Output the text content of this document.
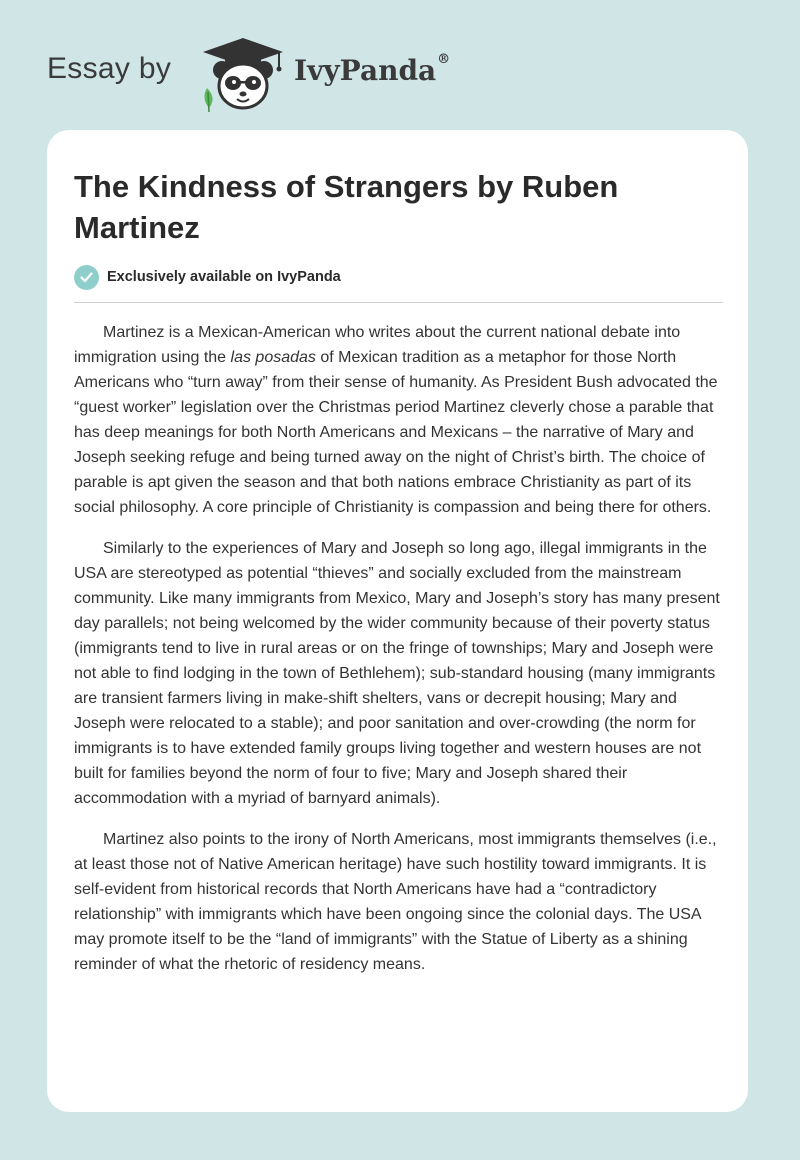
Essay by	IvyPanda®
The Kindness of Strangers by Ruben Martinez
Exclusively available on IvyPanda

Martinez is a Mexican-American who writes about the current national debate into immigration using the las posadas of Mexican tradition as a metaphor for those North Americans who “turn away” from their sense of humanity. As President Bush advocated the “guest worker” legislation over the Christmas period Martinez cleverly chose a parable that has deep meanings for both North Americans and Mexicans – the narrative of Mary and Joseph seeking refuge and being turned away on the night of Christ’s birth. The choice of parable is apt given the season and that both nations embrace Christianity as part of its social philosophy. A core principle of Christianity is compassion and being there for others.

Similarly to the experiences of Mary and Joseph so long ago, illegal immigrants in the USA are stereotyped as potential “thieves” and socially excluded from the mainstream community. Like many immigrants from Mexico, Mary and Joseph’s story has many present day parallels; not being welcomed by the wider community because of their poverty status (immigrants tend to live in rural areas or on the fringe of townships; Mary and Joseph were not able to find lodging in the town of Bethlehem); sub-standard housing (many immigrants are transient farmers living in make-shift shelters, vans or decrepit housing; Mary and Joseph were relocated to a stable); and poor sanitation and over-crowding (the norm for immigrants is to have extended family groups living together and western houses are not built for families beyond the norm of four to five; Mary and Joseph shared their accommodation with a myriad of barnyard animals).

Martinez also points to the irony of North Americans, most immigrants themselves (i.e., at least those not of Native American heritage) have such hostility toward immigrants. It is self-evident from historical records that North Americans have had a “contradictory relationship” with immigrants which have been ongoing since the colonial days. The USA may promote itself to be the “land of immigrants” with the Statue of Liberty as a shining reminder of what the rhetoric of residency means.
